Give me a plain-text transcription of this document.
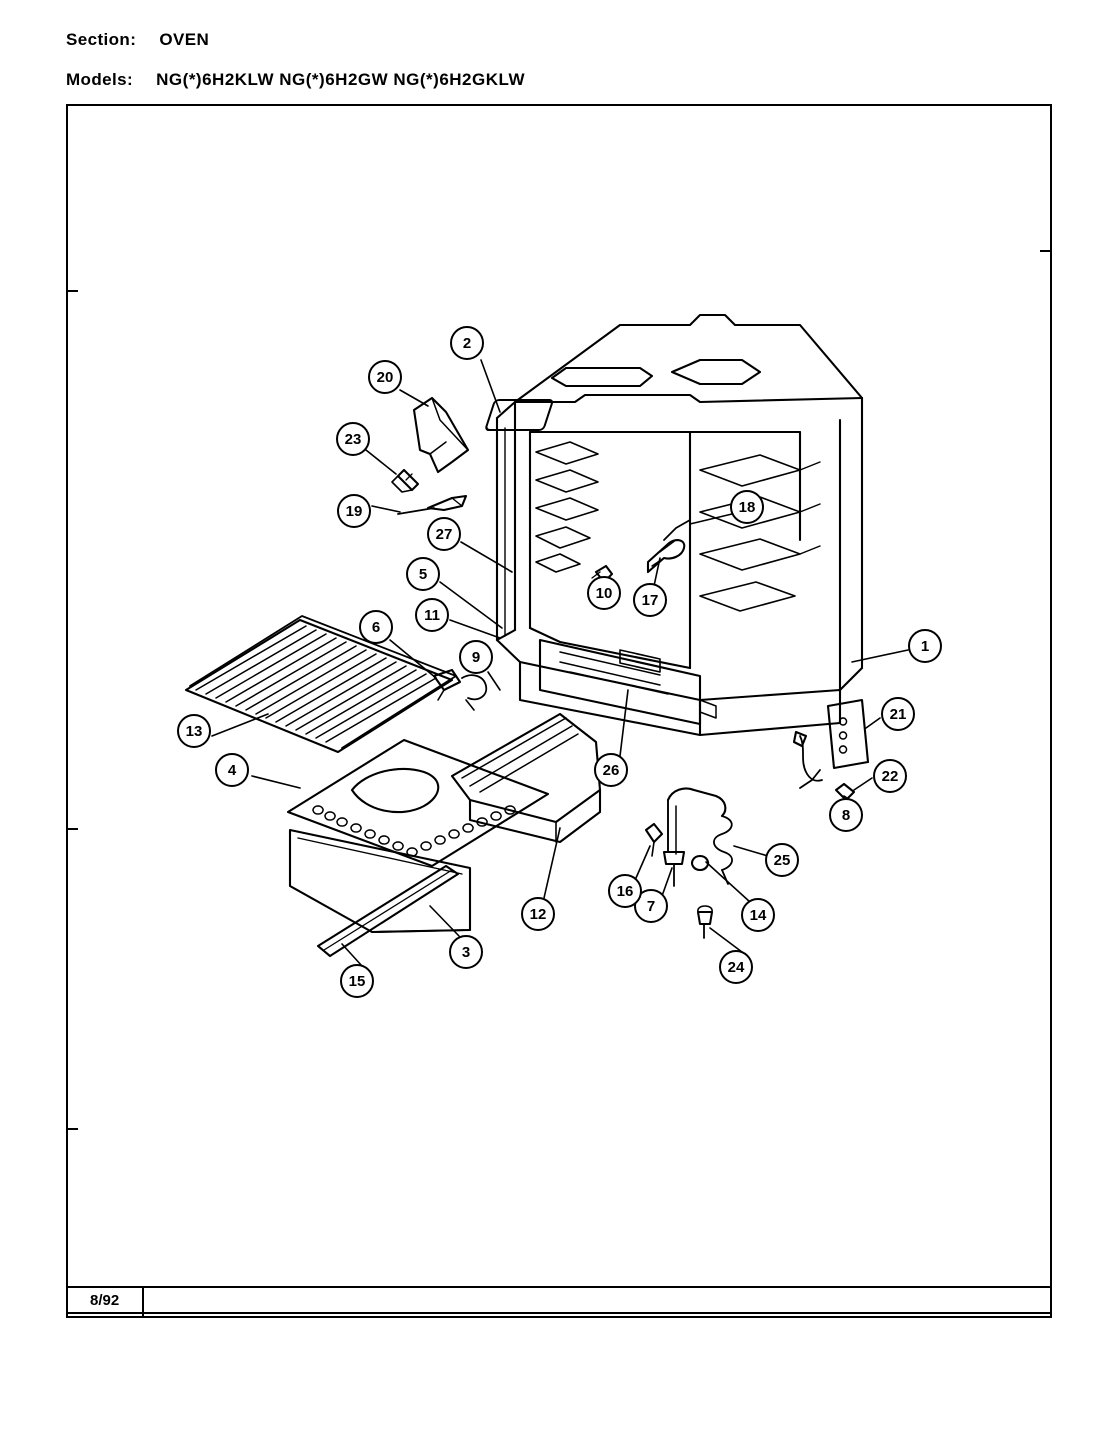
Section: OVEN
Models: NG(*)6H2KLW NG(*)6H2GW NG(*)6H2GKLW
8/92
1
2
3
4
5
6
7
8
9
10
11
12
13
14
15
16
17
18
19
20
21
22
23
24
25
26
27
